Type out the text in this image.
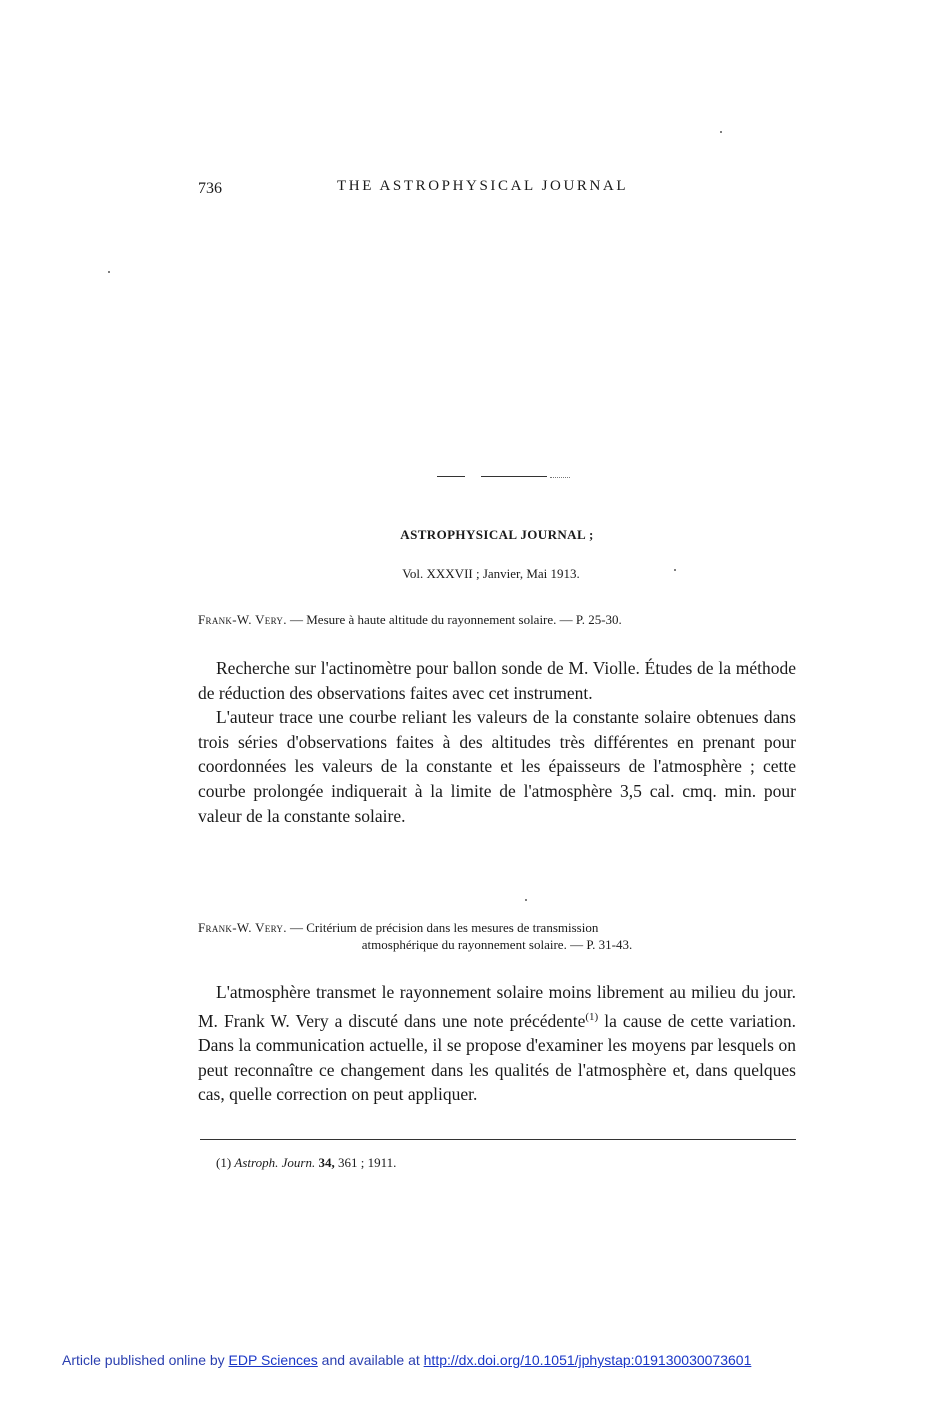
736	THE ASTROPHYSICAL JOURNAL
ASTROPHYSICAL JOURNAL ;
Vol. XXXVII ; Janvier, Mai 1913.
Frank-W. Very. — Mesure à haute altitude du rayonnement solaire. — P. 25-30.

Recherche sur l'actinomètre pour ballon sonde de M. Violle. Études de la méthode de réduction des observations faites avec cet instrument.

L'auteur trace une courbe reliant les valeurs de la constante solaire obtenues dans trois séries d'observations faites à des altitudes très différentes en prenant pour coordonnées les valeurs de la constante et les épaisseurs de l'atmosphère ; cette courbe prolongée indiquerait à la limite de l'atmosphère 3,5 cal. cmq. min. pour valeur de la constante solaire.

Frank-W. Very. — Critérium de précision dans les mesures de transmission
atmosphérique du rayonnement solaire. — P. 31-43.

L'atmosphère transmet le rayonnement solaire moins librement au milieu du jour. M. Frank W. Very a discuté dans une note précédente$^{(1)}$ la cause de cette variation. Dans la communication actuelle, il se propose d'examiner les moyens par lesquels on peut reconnaître ce changement dans les qualités de l'atmosphère et, dans quelques cas, quelle correction on peut appliquer.

(1) Astroph. Journ. 34, 361 ; 1911.
Article published online by EDP Sciences and available at http://dx.doi.org/10.1051/jphystap:019130030073601
